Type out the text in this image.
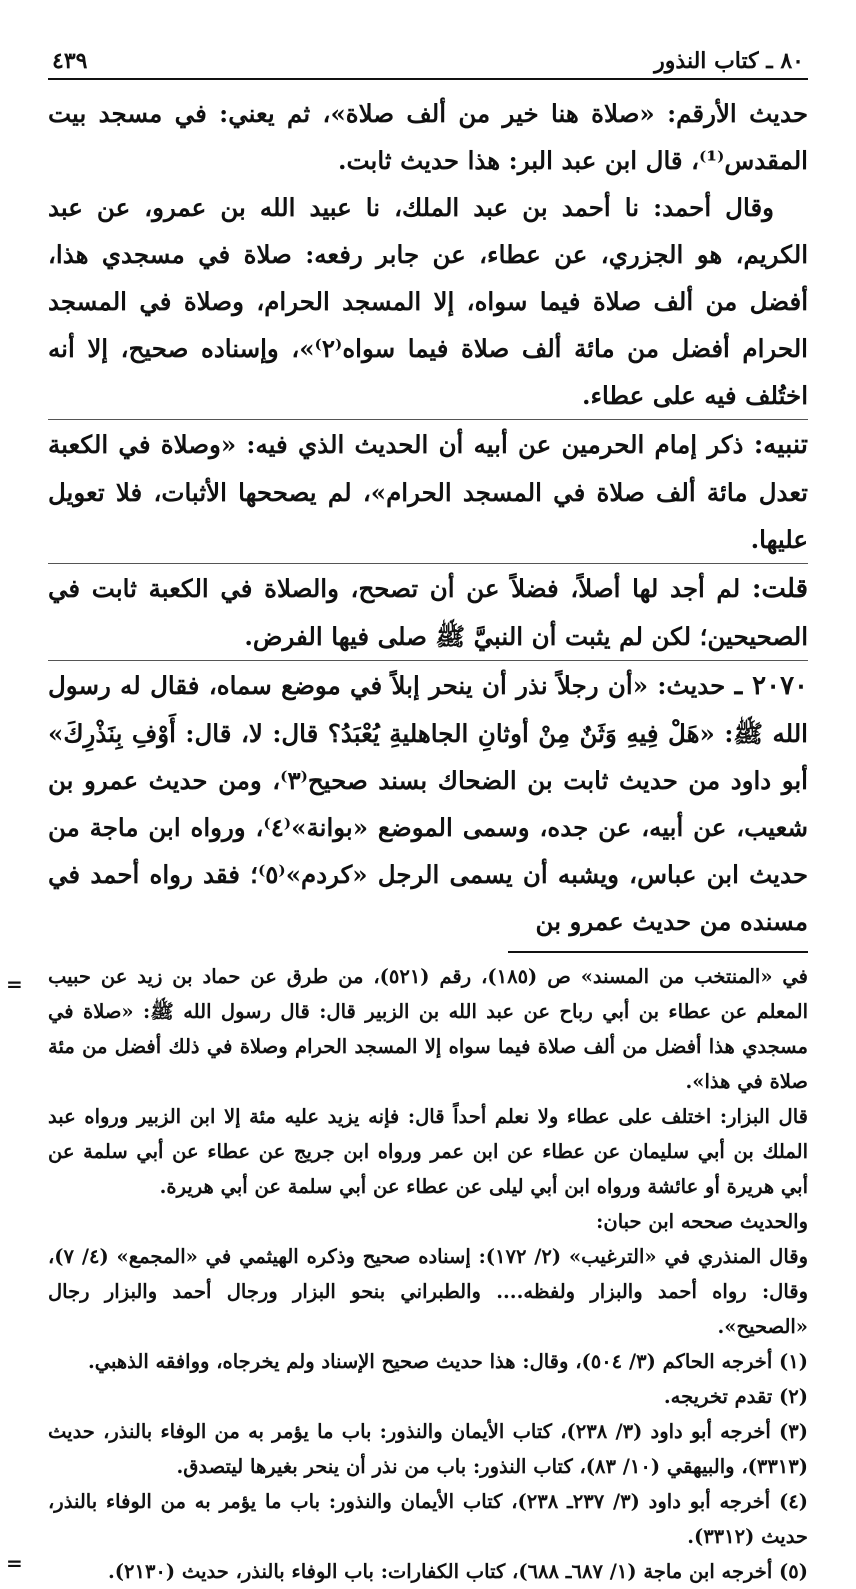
٨٠ ـ كتاب النذور
٤٣٩

حديث الأرقم: «صلاة هنا خير من ألف صلاة»، ثم يعني: في مسجد بيت المقدس⁽¹⁾، قال ابن عبد البر: هذا حديث ثابت.

وقال أحمد: نا أحمد بن عبد الملك، نا عبيد الله بن عمرو، عن عبد الكريم، هو الجزري، عن عطاء، عن جابر رفعه: صلاة في مسجدي هذا، أفضل من ألف صلاة فيما سواه، إلا المسجد الحرام، وصلاة في المسجد الحرام أفضل من مائة ألف صلاة فيما سواه⁽٢⁾»، وإسناده صحيح، إلا أنه اختُلف فيه على عطاء.

تنبيه: ذكر إمام الحرمين عن أبيه أن الحديث الذي فيه: «وصلاة في الكعبة تعدل مائة ألف صلاة في المسجد الحرام»، لم يصححها الأثبات، فلا تعويل عليها.

قلت: لم أجد لها أصلاً، فضلاً عن أن تصحح، والصلاة في الكعبة ثابت في الصحيحين؛ لكن لم يثبت أن النبيَّ ﷺ صلى فيها الفرض.

٢٠٧٠ ـ حديث: «أن رجلاً نذر أن ينحر إبلاً في موضع سماه، فقال له رسول الله ﷺ: «هَلْ فِيهِ وَثَنٌ مِنْ أوثانِ الجاهليةِ يُعْبَدُ؟ قال: لا، قال: أَوْفِ بِنَذْرِكَ» أبو داود من حديث ثابت بن الضحاك بسند صحيح⁽٣⁾، ومن حديث عمرو بن شعيب، عن أبيه، عن جده، وسمى الموضع «بوانة»⁽٤⁾، ورواه ابن ماجة من حديث ابن عباس، ويشبه أن يسمى الرجل «كردم»⁽٥⁾؛ فقد رواه أحمد في مسنده من حديث عمرو بن

= في «المنتخب من المسند» ص (١٨٥)، رقم (٥٢١)، من طرق عن حماد بن زيد عن حبيب المعلم عن عطاء بن أبي رباح عن عبد الله بن الزبير قال: قال رسول الله ﷺ: «صلاة في مسجدي هذا أفضل من ألف صلاة فيما سواه إلا المسجد الحرام وصلاة في ذلك أفضل من مئة صلاة في هذا».

قال البزار: اختلف على عطاء ولا نعلم أحداً قال: فإنه يزيد عليه مئة إلا ابن الزبير ورواه عبد الملك بن أبي سليمان عن عطاء عن ابن عمر ورواه ابن جريج عن عطاء عن أبي سلمة عن أبي هريرة أو عائشة ورواه ابن أبي ليلى عن عطاء عن أبي سلمة عن أبي هريرة.

والحديث صححه ابن حبان:

وقال المنذري في «الترغيب» (٢/ ١٧٢): إسناده صحيح وذكره الهيثمي في «المجمع» (٤/ ٧)، وقال: رواه أحمد والبزار ولفظه.... والطبراني بنحو البزار ورجال أحمد والبزار رجال «الصحيح».

(١) أخرجه الحاكم (٣/ ٥٠٤)، وقال: هذا حديث صحيح الإسناد ولم يخرجاه، ووافقه الذهبي.

(٢) تقدم تخريجه.

(٣) أخرجه أبو داود (٣/ ٢٣٨)، كتاب الأيمان والنذور: باب ما يؤمر به من الوفاء بالنذر، حديث (٣٣١٣)، والبيهقي (١٠/ ٨٣)، كتاب النذور: باب من نذر أن ينحر بغيرها ليتصدق.

(٤) أخرجه أبو داود (٣/ ٢٣٧ـ ٢٣٨)، كتاب الأيمان والنذور: باب ما يؤمر به من الوفاء بالنذر، حديث (٣٣١٢).

(٥) أخرجه ابن ماجة (١/ ٦٨٧ـ ٦٨٨)، كتاب الكفارات: باب الوفاء بالنذر، حديث (٢١٣٠).

=
